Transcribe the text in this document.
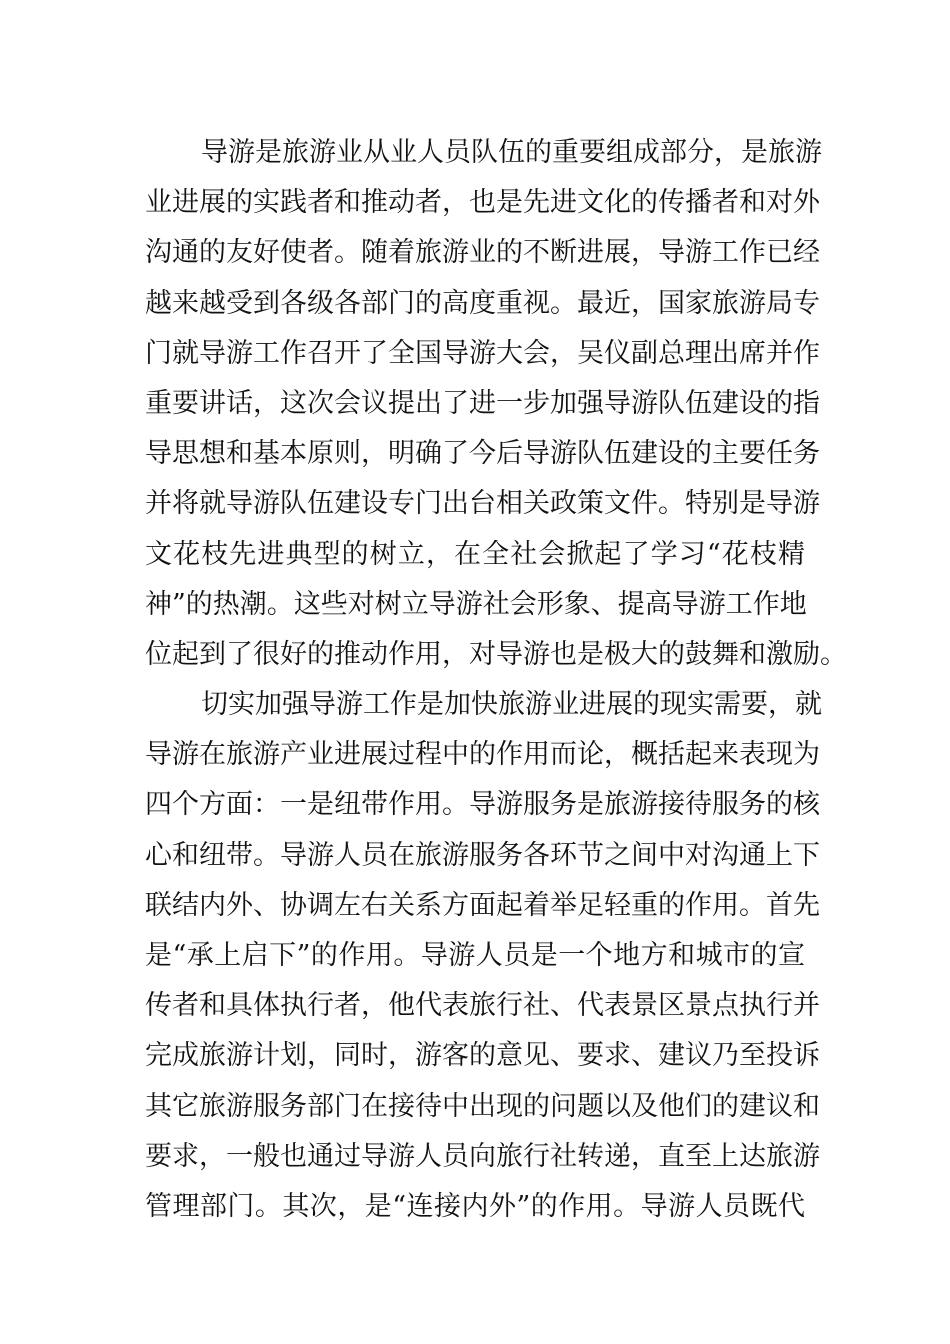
导游是旅游业从业人员队伍的重要组成部分，是旅游
业进展的实践者和推动者，也是先进文化的传播者和对外
沟通的友好使者。随着旅游业的不断进展，导游工作已经
越来越受到各级各部门的高度重视。最近，国家旅游局专
门就导游工作召开了全国导游大会，吴仪副总理出席并作
重要讲话，这次会议提出了进一步加强导游队伍建设的指
导思想和基本原则，明确了今后导游队伍建设的主要任务
并将就导游队伍建设专门出台相关政策文件。特别是导游
文花枝先进典型的树立，在全社会掀起了学习“花枝精
神”的热潮。这些对树立导游社会形象、提高导游工作地
位起到了很好的推动作用，对导游也是极大的鼓舞和激励。
切实加强导游工作是加快旅游业进展的现实需要，就
导游在旅游产业进展过程中的作用而论，概括起来表现为
四个方面：一是纽带作用。导游服务是旅游接待服务的核
心和纽带。导游人员在旅游服务各环节之间中对沟通上下
联结内外、协调左右关系方面起着举足轻重的作用。首先
是“承上启下”的作用。导游人员是一个地方和城市的宣
传者和具体执行者，他代表旅行社、代表景区景点执行并
完成旅游计划，同时，游客的意见、要求、建议乃至投诉
其它旅游服务部门在接待中出现的问题以及他们的建议和
要求，一般也通过导游人员向旅行社转递，直至上达旅游
管理部门。其次，是“连接内外”的作用。导游人员既代
